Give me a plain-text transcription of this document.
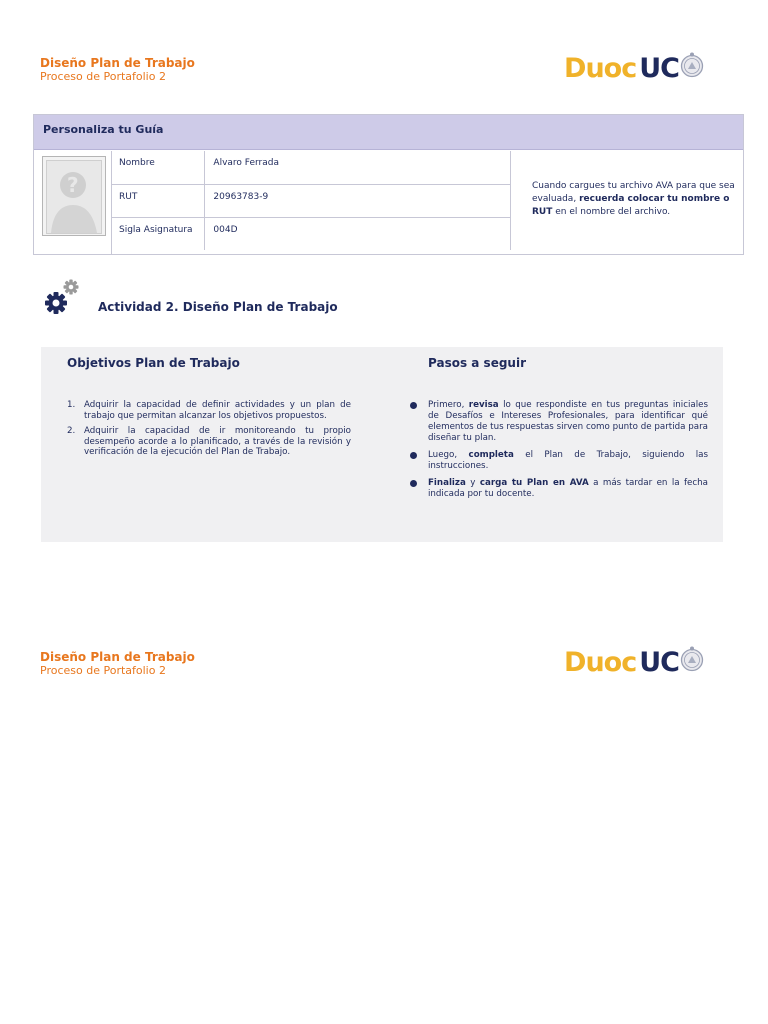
Diseño Plan de Trabajo
Proceso de Portafolio 2	Duoc UC
Personaliza tu Guía
?
Nombre	Alvaro Ferrada
RUT	20963783-9
Sigla Asignatura	004D
Cuando cargues tu archivo AVA para que sea evaluada, recuerda colocar tu nombre o RUT en el nombre del archivo.
Actividad 2. Diseño Plan de Trabajo
Objetivos Plan de Trabajo
1. Adquirir la capacidad de definir actividades y un plan de trabajo que permitan alcanzar los objetivos propuestos.
2. Adquirir la capacidad de ir monitoreando tu propio desempeño acorde a lo planificado, a través de la revisión y verificación de la ejecución del Plan de Trabajo.
Pasos a seguir
Primero, revisa lo que respondiste en tus preguntas iniciales de Desafíos e Intereses Profesionales, para identificar qué elementos de tus respuestas sirven como punto de partida para diseñar tu plan.
Luego, completa el Plan de Trabajo, siguiendo las instrucciones.
Finaliza y carga tu Plan en AVA a más tardar en la fecha indicada por tu docente.
Diseño Plan de Trabajo
Proceso de Portafolio 2	Duoc UC
